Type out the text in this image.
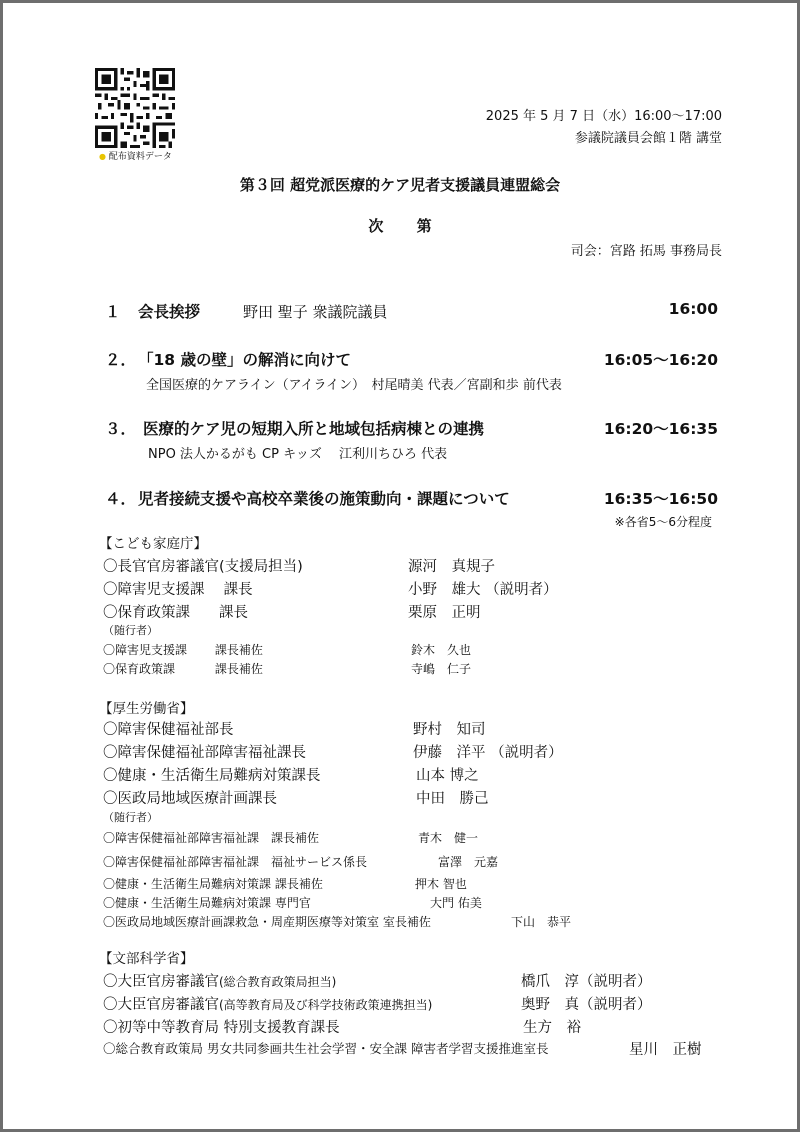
● 配布資料データ
2025 年 5 月 7 日（水）16:00～17:00
参議院議員会館１階 講堂
第３回 超党派医療的ケア児者支援議員連盟総会
次 第
司会：宮路 拓馬 事務局長
１ 会長挨拶	野田 聖子 衆議院議員	16:00
２． 「18 歳の壁」の解消に向けて	16:05～16:20
全国医療的ケアライン（アイライン）　村尾晴美 代表／宮副和歩 前代表
３． 医療的ケア児の短期入所と地域包括病棟との連携	16:20～16:35
NPO 法人かるがも CP キッズ　 江利川ちひろ 代表
４． 児者接続支援や高校卒業後の施策動向・課題について	16:35～16:50
※各省5～6分程度
【こども家庭庁】
〇長官官房審議官(支援局担当)	源河　真規子
〇障害児支援課　 課長	小野　雄大 （説明者）
〇保育政策課　　課長	栗原　正明
（随行者）
〇障害児支援課　　 課長補佐	鈴木　久也
〇保育政策課　　　 課長補佐	寺嶋　仁子
【厚生労働省】
〇障害保健福祉部長	野村　知司
〇障害保健福祉部障害福祉課長	伊藤　洋平 （説明者）
〇健康・生活衛生局難病対策課長	山本 博之
〇医政局地域医療計画課長	中田　勝己
（随行者）
〇障害保健福祉部障害福祉課　課長補佐	青木　健一
〇障害保健福祉部障害福祉課　福祉サービス係長	富澤　元嘉
〇健康・生活衛生局難病対策課 課長補佐	押木 智也
〇健康・生活衛生局難病対策課 専門官	大門 佑美
〇医政局地域医療計画課救急・周産期医療等対策室 室長補佐	下山　恭平
【文部科学省】
〇大臣官房審議官(総合教育政策局担当)	橋爪　淳（説明者）
〇大臣官房審議官(高等教育局及び科学技術政策連携担当)	奥野　真（説明者）
〇初等中等教育局 特別支援教育課長	生方　裕
〇総合教育政策局 男女共同参画共生社会学習・安全課 障害者学習支援推進室長	星川　正樹
